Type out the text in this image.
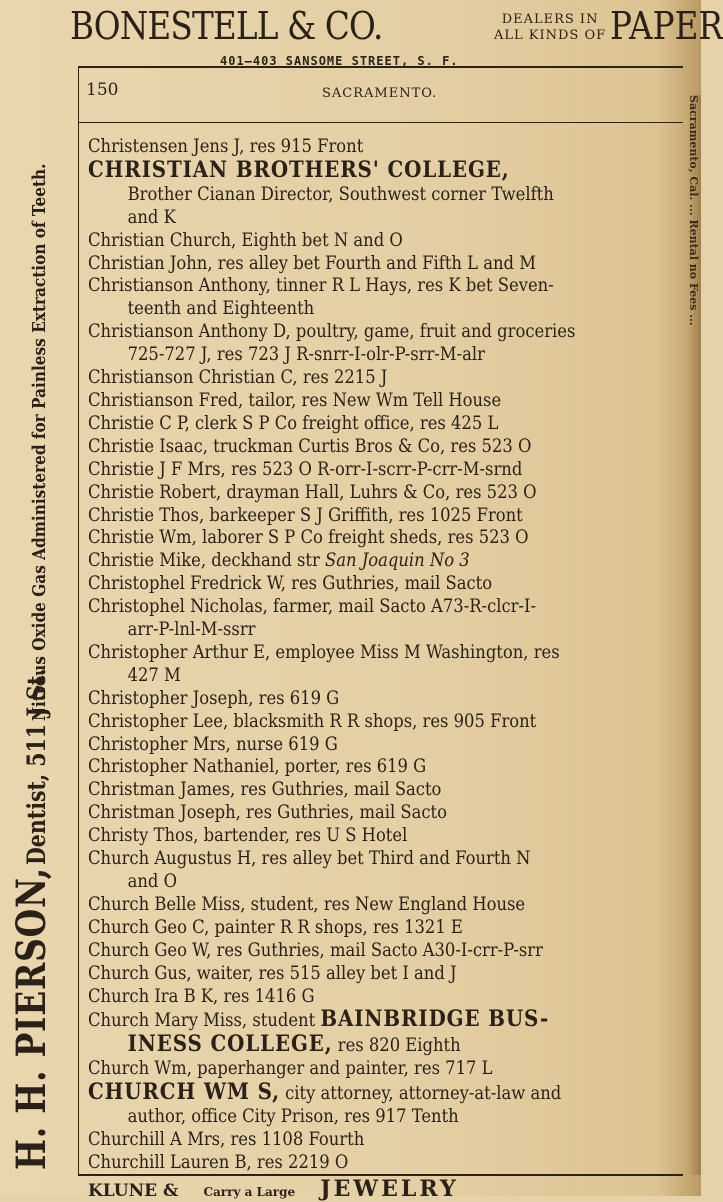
BONESTELL & CO.	DEALERS IN
ALL KINDS OF PAPER
401—403 SANSOME STREET, S. F.
150	SACRAMENTO.
H. H. PIERSON, Dentist, 511 J St. Nitrous Oxide Gas Administered for Painless Extraction of Teeth.	Sacramento, Cal. ... Rental no Fees ...
Christensen Jens J, res 915 Front
CHRISTIAN BROTHERS' COLLEGE,
Brother Cianan Director, Southwest corner Twelfth
and K
Christian Church, Eighth bet N and O
Christian John, res alley bet Fourth and Fifth L and M
Christianson Anthony, tinner R L Hays, res K bet Seven-
teenth and Eighteenth
Christianson Anthony D, poultry, game, fruit and groceries
725-727 J, res 723 J R-snrr-I-olr-P-srr-M-alr
Christianson Christian C, res 2215 J
Christianson Fred, tailor, res New Wm Tell House
Christie C P, clerk S P Co freight office, res 425 L
Christie Isaac, truckman Curtis Bros & Co, res 523 O
Christie J F Mrs, res 523 O R-orr-I-scrr-P-crr-M-srnd
Christie Robert, drayman Hall, Luhrs & Co, res 523 O
Christie Thos, barkeeper S J Griffith, res 1025 Front
Christie Wm, laborer S P Co freight sheds, res 523 O
Christie Mike, deckhand str San Joaquin No 3
Christophel Fredrick W, res Guthries, mail Sacto
Christophel Nicholas, farmer, mail Sacto A73-R-clcr-I-
arr-P-lnl-M-ssrr
Christopher Arthur E, employee Miss M Washington, res
427 M
Christopher Joseph, res 619 G
Christopher Lee, blacksmith R R shops, res 905 Front
Christopher Mrs, nurse 619 G
Christopher Nathaniel, porter, res 619 G
Christman James, res Guthries, mail Sacto
Christman Joseph, res Guthries, mail Sacto
Christy Thos, bartender, res U S Hotel
Church Augustus H, res alley bet Third and Fourth N
and O
Church Belle Miss, student, res New England House
Church Geo C, painter R R shops, res 1321 E
Church Geo W, res Guthries, mail Sacto A30-I-crr-P-srr
Church Gus, waiter, res 515 alley bet I and J
Church Ira B K, res 1416 G
Church Mary Miss, student BAINBRIDGE BUS-
INESS COLLEGE, res 820 Eighth
Church Wm, paperhanger and painter, res 717 L
CHURCH WM S, city attorney, attorney-at-law and
author, office City Prison, res 917 Tenth
Churchill A Mrs, res 1108 Fourth
Churchill Lauren B, res 2219 O
KLUNE & Carry a Large JEWELRY
